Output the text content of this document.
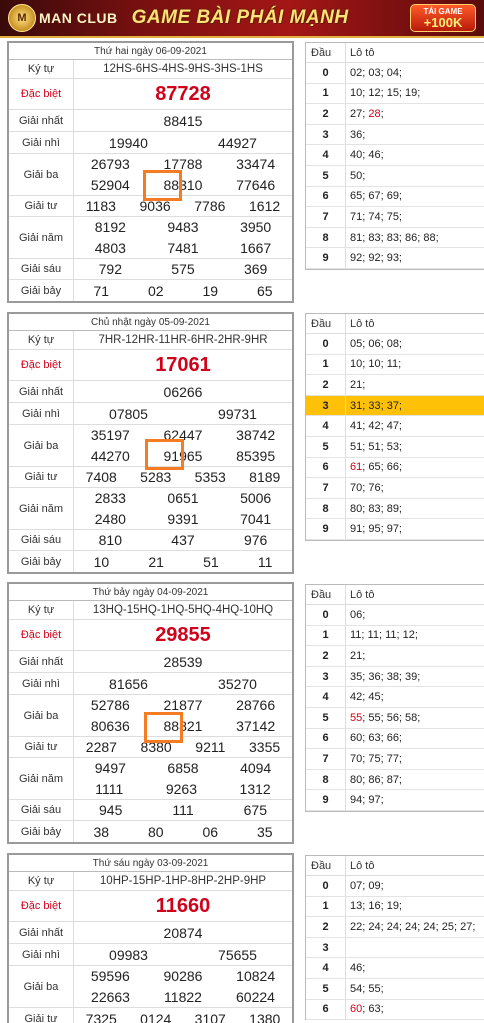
M MAN CLUB GAME BÀI PHÁI MẠNH	TẢI GAME
+100K
Thứ hai ngày 06-09-2021
Ký tự	12HS-6HS-4HS-9HS-3HS-1HS
Đặc biệt	87728
Giải nhất	88415
Giải nhì	19940	44927
Giải ba
26793 17788 33474
52904 88310 77646
Giải tư	1183 9036 7786 1612
Giải năm
8192	9483	3950
4803	7481	1667
Giải sáu	792	575	369
Giải bảy	71	02	19	65
Chủ nhật ngày 05-09-2021
Ký tự	7HR-12HR-11HR-6HR-2HR-9HR
Đặc biệt	17061
Giải nhất	06266
Giải nhì	07805	99731
Giải ba
35197 62447 38742
44270 91965 85395
Giải tư	7408 5283 5353 8189
Giải năm
2833	0651	5006
2480	9391	7041
Giải sáu	810	437	976
Giải bảy	10	21	51	11
Thứ bảy ngày 04-09-2021
Ký tự	13HQ-15HQ-1HQ-5HQ-4HQ-10HQ
Đặc biệt	29855
Giải nhất	28539
Giải nhì	81656	35270
Giải ba
52786 21877 28766
80636 88821 37142
Giải tư	2287 8380 9211 3355
Giải năm
9497	6858	4094
1111	9263	1312
Giải sáu	945	111	675
Giải bảy	38	80	06	35
Thứ sáu ngày 03-09-2021
Ký tự	10HP-15HP-1HP-8HP-2HP-9HP
Đặc biệt	11660
Giải nhất	20874
Giải nhì	09983	75655
Giải ba
59596 90286 10824
22663 11822 60224
Giải tư	7325 0124 3107 1380
Đầu	Lô tô
0	02; 03; 04;
1	10; 12; 15; 19;
2	27; 28 ;
3	36;
4	40; 46;
5	50;
6	65; 67; 69;
7	71; 74; 75;
8	81; 83; 83; 86; 88;
9	92; 92; 93;
Đầu	Lô tô
0	05; 06; 08;
1	10; 10; 11;
2	21;
3	31; 33; 37;
4	41; 42; 47;
5	51; 51; 53;
6	61 ; 65; 66;
7	70; 76;
8	80; 83; 89;
9	91; 95; 97;
Đầu	Lô tô
0	06;
1	11; 11; 11; 12;
2	21;
3	35; 36; 38; 39;
4	42; 45;
5	55 ; 55; 56; 58;
6	60; 63; 66;
7	70; 75; 77;
8	80; 86; 87;
9	94; 97;
Đầu	Lô tô
0	07; 09;
1	13; 16; 19;
2	22; 24; 24; 24; 24; 25; 27;
3
4	46;
5	54; 55;
6	60 ; 63;
